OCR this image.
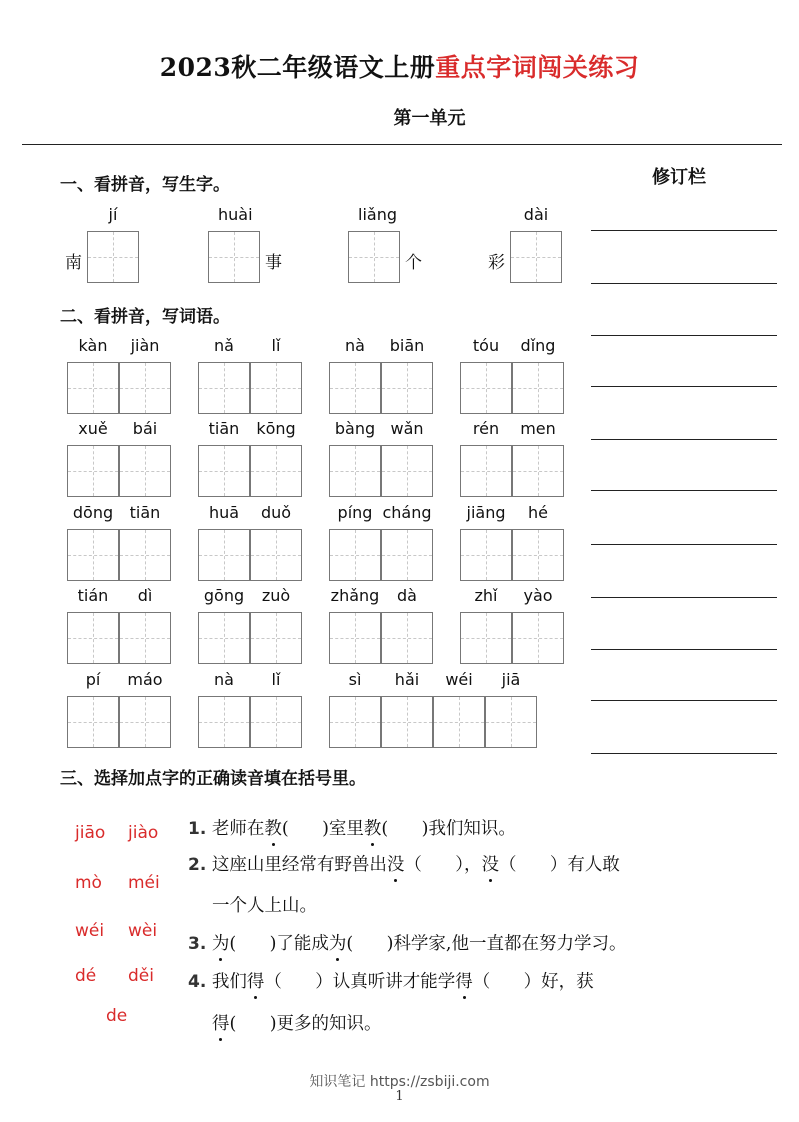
2023秋二年级语文上册重点字词闯关练习
第一单元
修订栏
一、看拼音，写生字。
jí
南
huài
事
liǎng
个
dài
彩
二、看拼音，写词语。
kàn	jiàn	nǎ	lǐ	nà	biān	tóu	dǐng
xuě	bái	tiān	kōng	bàng wǎn	rén	men
dōng	tiān	huā	duǒ	píng cháng	jiāng	hé
tián	dì	gōng	zuò	zhǎng	dà	zhǐ	yào
pí	máo	nà	lǐ	sì	hǎi	wéi	jiā
三、选择加点字的正确读音填在括号里。
jiāo jiào
mò méi
wéi wèi
dé děi
de
1. 老师在教(      )室里教(      )我们知识。
2. 这座山里经常有野兽出没（      ），没（      ）有人敢
一个人上山。
3. 为(      )了能成为(      )科学家,他一直都在努力学习。
4. 我们得（      ）认真听讲才能学得（      ）好，获
得(      )更多的知识。
知识笔记 https://zsbiji.com
1
